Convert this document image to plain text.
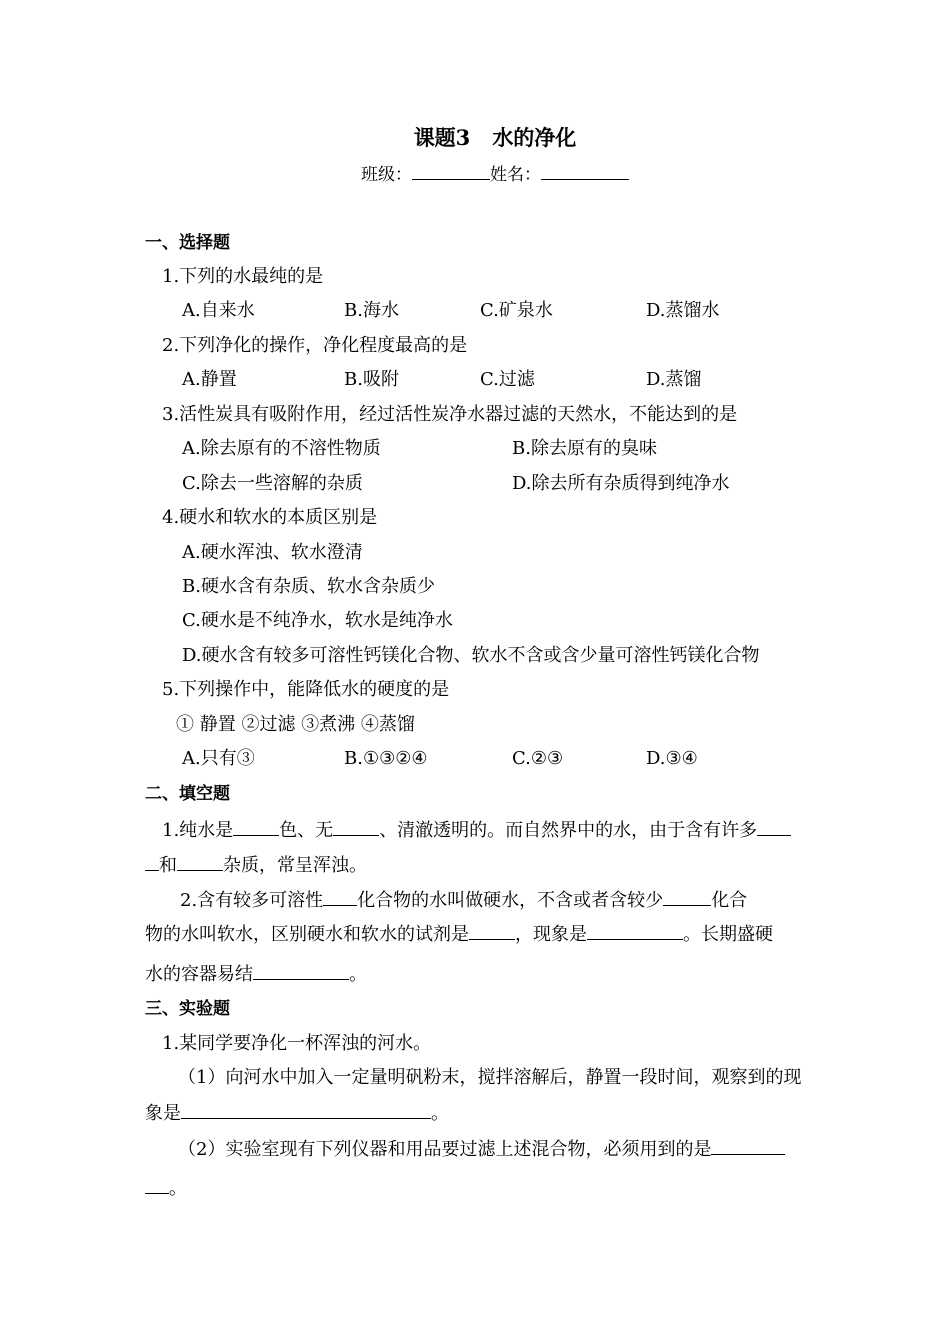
课题3 水的净化
班级：	姓名：
一、选择题
1.下列的水最纯的是
A.自来水	B.海水	C.矿泉水	D.蒸馏水
2.下列净化的操作，净化程度最高的是
A.静置	B.吸附	C.过滤	D.蒸馏
3.活性炭具有吸附作用，经过活性炭净水器过滤的天然水，不能达到的是
A.除去原有的不溶性物质	B.除去原有的臭味
C.除去一些溶解的杂质	D.除去所有杂质得到纯净水
4.硬水和软水的本质区别是
A.硬水浑浊、软水澄清
B.硬水含有杂质、软水含杂质少
C.硬水是不纯净水，软水是纯净水
D.硬水含有较多可溶性钙镁化合物、软水不含或含少量可溶性钙镁化合物
5.下列操作中，能降低水的硬度的是
① 静置 ②过滤 ③煮沸 ④蒸馏
A.只有③	B.①③②④	C.②③	D.③④
二、填空题
1.纯水是	色、无	、清澈透明的。而自然界中的水，由于含有许多
和	杂质，常呈浑浊。
2.含有较多可溶性 化合物的水叫做硬水，不含或者含较少	化合
物的水叫软水，区别硬水和软水的试剂是	，现象是	。长期盛硬
水的容器易结	。
三、实验题
1.某同学要净化一杯浑浊的河水。
（1）向河水中加入一定量明矾粉末，搅拌溶解后，静置一段时间，观察到的现
象是	。
（2）实验室现有下列仪器和用品要过滤上述混合物，必须用到的是
。
